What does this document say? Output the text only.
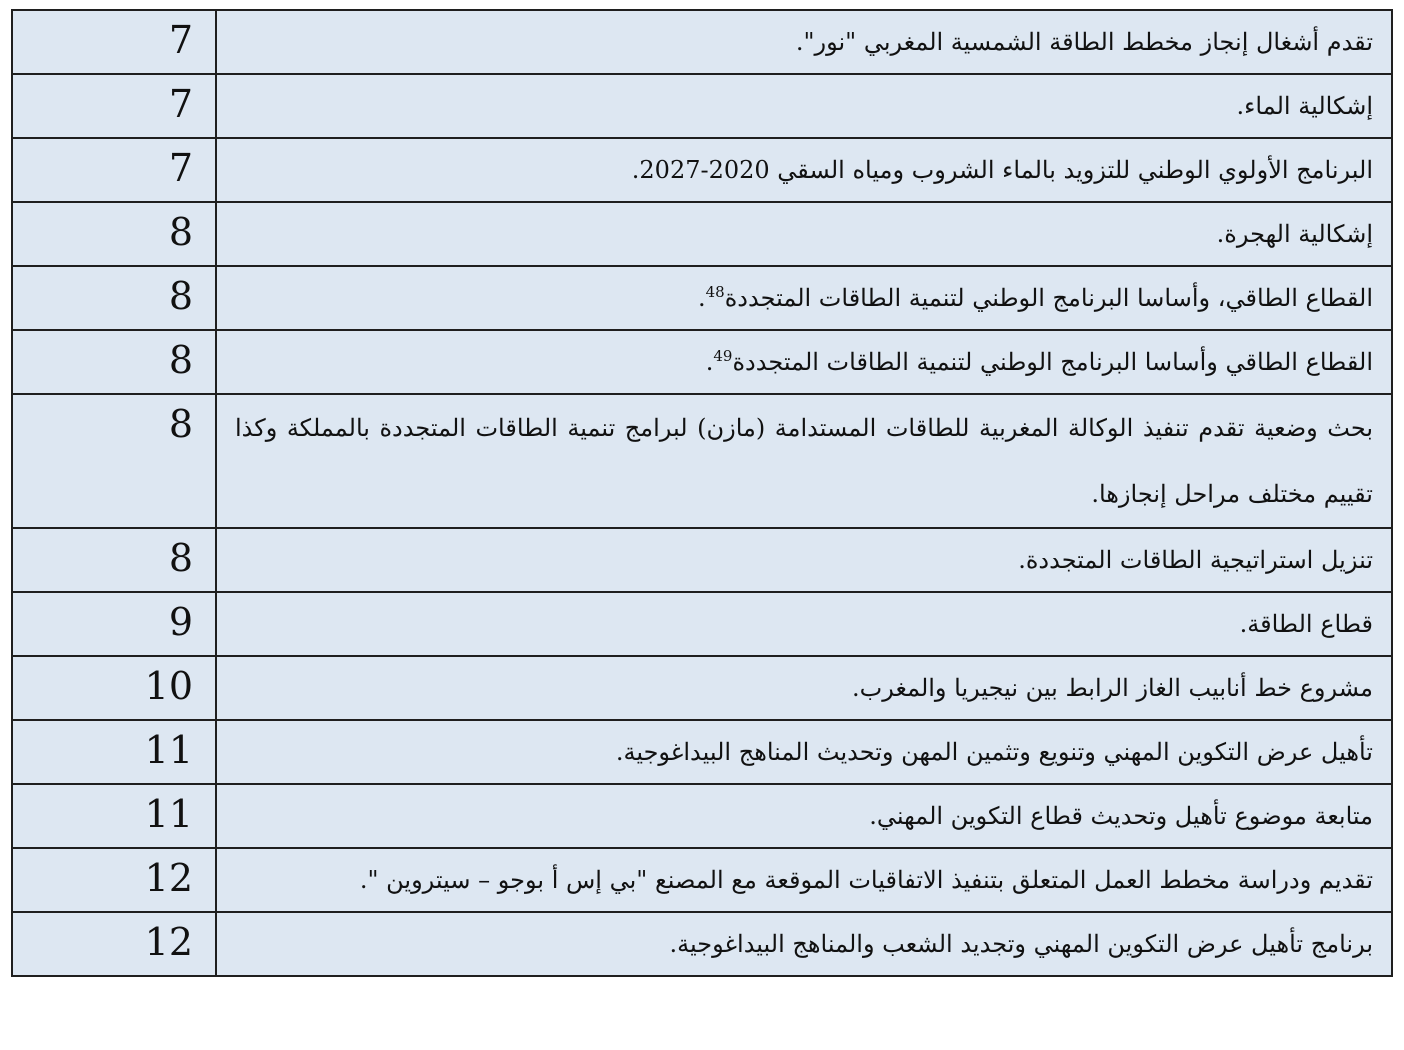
7	تقدم أشغال إنجاز مخطط الطاقة الشمسية المغربي "نور".
7	إشكالية الماء.
7	البرنامج الأولوي الوطني للتزويد بالماء الشروب ومياه السقي 2020-2027.
8	إشكالية الهجرة.
8	القطاع الطاقي، وأساسا البرنامج الوطني لتنمية الطاقات المتجددة$^{48}$.
8	القطاع الطاقي وأساسا البرنامج الوطني لتنمية الطاقات المتجددة$^{49}$.
8	بحث وضعية تقدم تنفيذ الوكالة المغربية للطاقات المستدامة (مازن) لبرامج تنمية الطاقات المتجددة بالمملكة وكذا تقييم مختلف مراحل إنجازها.
8	تنزيل استراتيجية الطاقات المتجددة.
9	قطاع الطاقة.
10	مشروع خط أنابيب الغاز الرابط بين نيجيريا والمغرب.
11	تأهيل عرض التكوين المهني وتنويع وتثمين المهن وتحديث المناهج البيداغوجية.
11	متابعة موضوع تأهيل وتحديث قطاع التكوين المهني.
12	تقديم ودراسة مخطط العمل المتعلق بتنفيذ الاتفاقيات الموقعة مع المصنع "بي إس أ بوجو – سيتروين ".
12	برنامج تأهيل عرض التكوين المهني وتجديد الشعب والمناهج البيداغوجية.
